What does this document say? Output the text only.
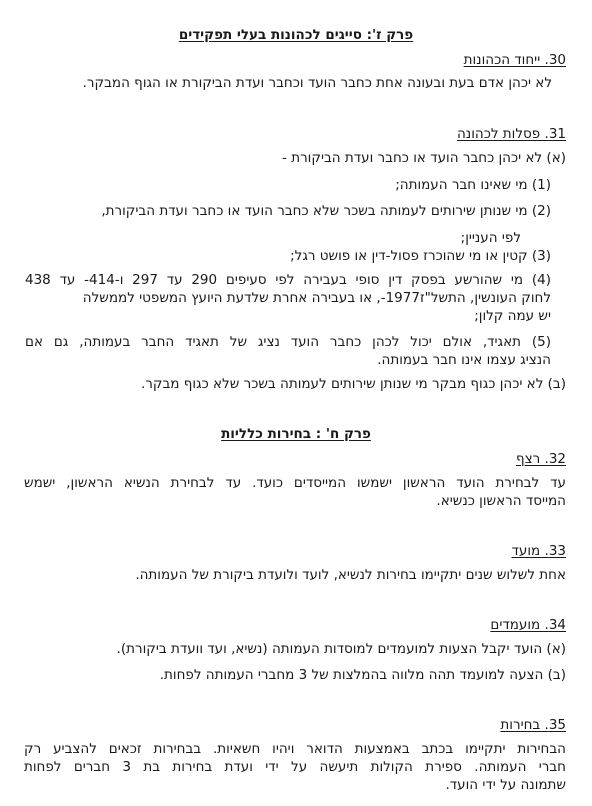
פרק ז': סייגים לכהונות בעלי תפקידים
30. ייחוד הכהונות
לא יכהן אדם בעת ובעונה אחת כחבר הועד וכחבר ועדת הביקורת או הגוף המבקר.
31. פסלות לכהונה
(א) לא יכהן כחבר הועד או כחבר ועדת הביקורת -
(1) מי שאינו חבר העמותה;
(2) מי שנותן שירותים לעמותה בשכר שלא כחבר הועד או כחבר ועדת הביקורת,
לפי העניין;
(3) קטין או מי שהוכרז פסול-דין או פושט רגל;
(4) מי שהורשע בפסק דין סופי בעבירה לפי סעיפים 290 עד 297 ו-414- עד 438
לחוק העונשין, התשל"ז1977-, או בעבירה אחרת שלדעת היועץ המשפטי לממשלה
יש עמה קלון;
(5) תאגיד, אולם יכול לכהן כחבר הועד נציג של תאגיד החבר בעמותה, גם אם
הנציג עצמו אינו חבר בעמותה.
(ב) לא יכהן כגוף מבקר מי שנותן שירותים לעמותה בשכר שלא כגוף מבקר.
פרק ח' : בחירות כלליות
32. רצף
עד לבחירת הועד הראשון ישמשו המייסדים כועד. עד לבחירת הנשיא הראשון, ישמש
המייסד הראשון כנשיא.
33. מועד
אחת לשלוש שנים יתקיימו בחירות לנשיא, לועד ולועדת ביקורת של העמותה.
34. מועמדים
(א) הועד יקבל הצעות למועמדים למוסדות העמותה (נשיא, ועד וועדת ביקורת).
(ב) הצעה למועמד תהה מלווה בהמלצות של 3 מחברי העמותה לפחות.
35. בחירות
הבחירות יתקיימו בכתב באמצעות הדואר ויהיו חשאיות. בבחירות זכאים להצביע רק
חברי העמותה. ספירת הקולות תיעשה על ידי ועדת בחירות בת 3 חברים לפחות
שתמונה על ידי הועד.
